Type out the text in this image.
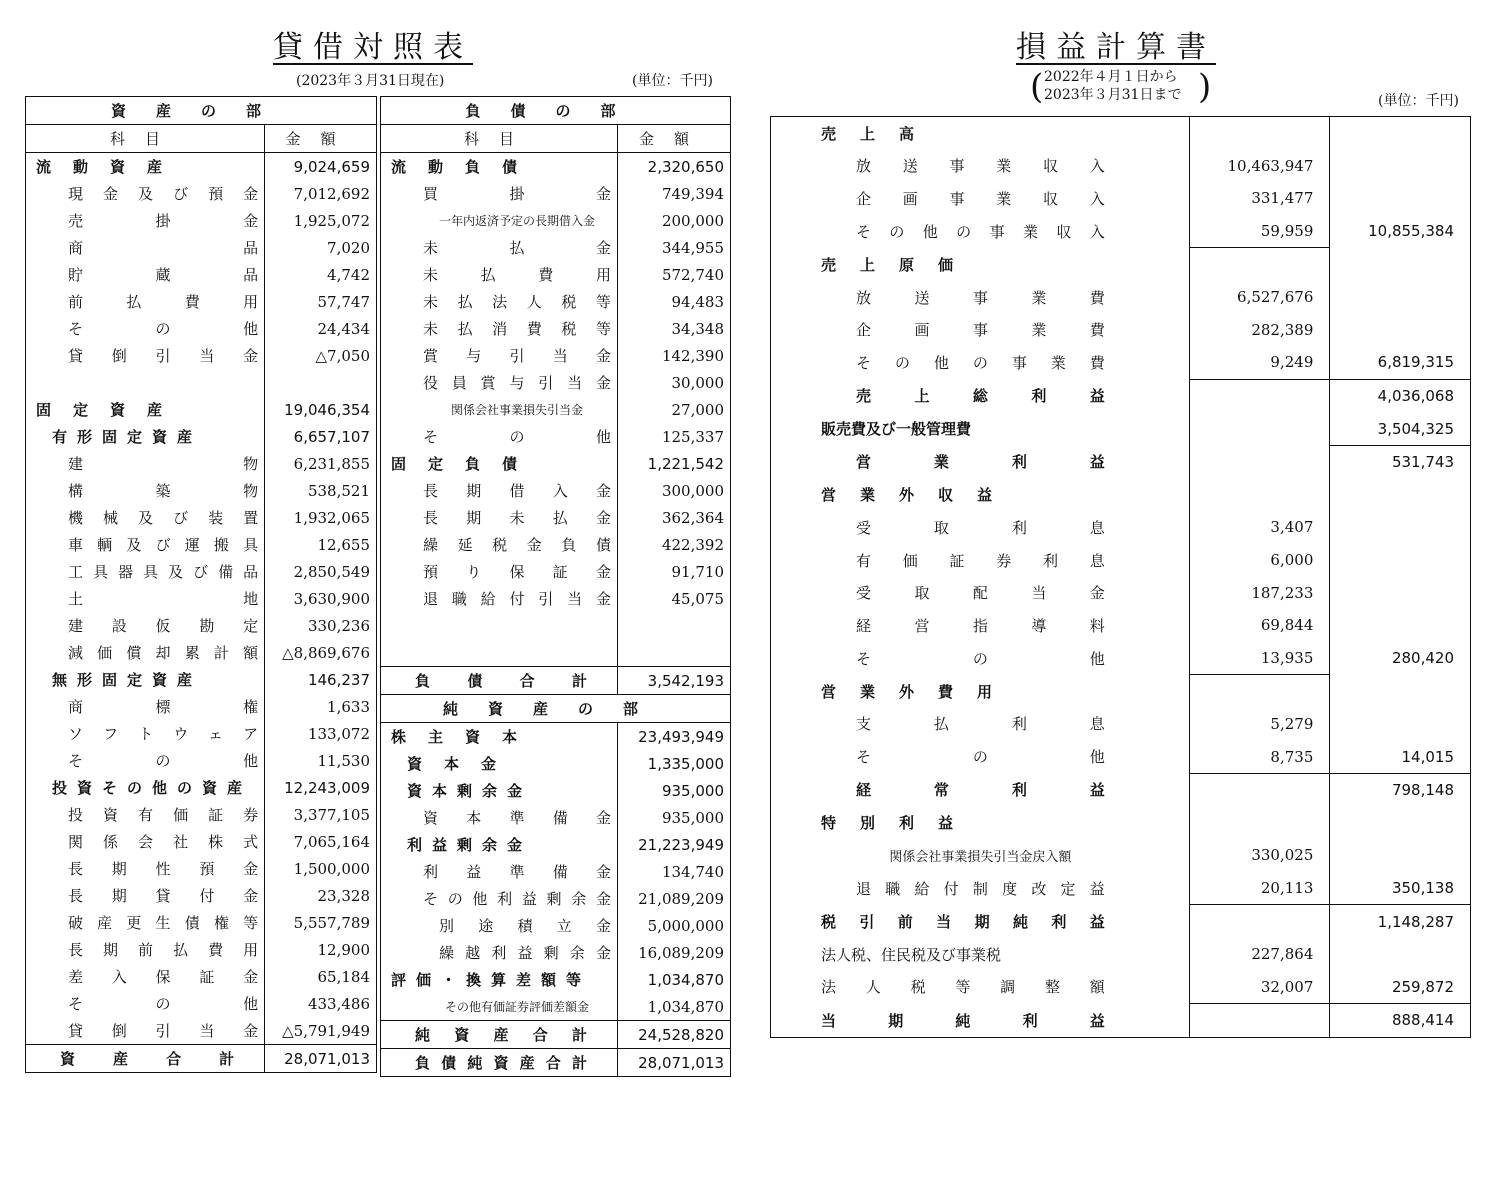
貸借対照表
(2023年３月31日現在)	(単位：千円)
資産の部	
科目	金額
流動資産	9,024,659

現金及び預金	7,012,692

売掛金	1,925,072

商品	7,020

貯蔵品	4,742

前払費用	57,747

その他	24,434

貸倒引当金	△7,050

固定資産	19,046,354
有形固定資産	6,657,107

建物	6,231,855

構築物	538,521

機械及び装置	1,932,065

車輌及び運搬具	12,655

工具器具及び備品	2,850,549

土地	3,630,900

建設仮勘定	330,236

減価償却累計額	△8,869,676
無形固定資産	146,237

商標権	1,633

ソフトウェア	133,072

その他	11,530
投資その他の資産	12,243,009

投資有価証券	3,377,105

関係会社株式	7,065,164

長期性預金	1,500,000

長期貸付金	23,328

破産更生債権等	5,557,789

長期前払費用	12,900

差入保証金	65,184

その他	433,486

貸倒引当金	△5,791,949

資産合計	28,071,013
負債の部	
科目	金額
流動負債	2,320,650

買掛金	749,394

一年内返済予定の長期借入金	200,000

未払金	344,955

未払費用	572,740

未払法人税等	94,483

未払消費税等	34,348

賞与引当金	142,390

役員賞与引当金	30,000

関係会社事業損失引当金	27,000

その他	125,337
固定負債	1,221,542

長期借入金	300,000

長期未払金	362,364

繰延税金負債	422,392

預り保証金	91,710

退職給付引当金	45,075

負債合計	3,542,193
純資産の部	
株主資本	23,493,949
資本金	1,335,000
資本剰余金	935,000

資本準備金	935,000
利益剰余金	21,223,949

利益準備金	134,740

その他利益剰余金	21,089,209

別途積立金	5,000,000

繰越利益剰余金	16,089,209
評価・換算差額等	1,034,870

その他有価証券評価差額金	1,034,870

純資産合計	24,528,820

負債純資産合計	28,071,013
損益計算書
( 2022年４月１日から
2023年３月31日まで )	(単位：千円)
売上高		

放送事業収入	10,463,947	

企画事業収入	331,477	

その他の事業収入	59,959	10,855,384

売上原価		

放送事業費	6,527,676	

企画事業費	282,389	

その他の事業費	9,249	6,819,315

売上総利益		4,036,068

販売費及び一般管理費		3,504,325

営業利益		531,743

営業外収益		

受取利息	3,407	

有価証券利息	6,000	

受取配当金	187,233	

経営指導料	69,844	

その他	13,935	280,420

営業外費用		

支払利息	5,279	

その他	8,735	14,015

経常利益		798,148

特別利益		

関係会社事業損失引当金戻入額	330,025	

退職給付制度改定益	20,113	350,138

税引前当期純利益		1,148,287

法人税、住民税及び事業税	227,864	

法人税等調整額	32,007	259,872

当期純利益		888,414
